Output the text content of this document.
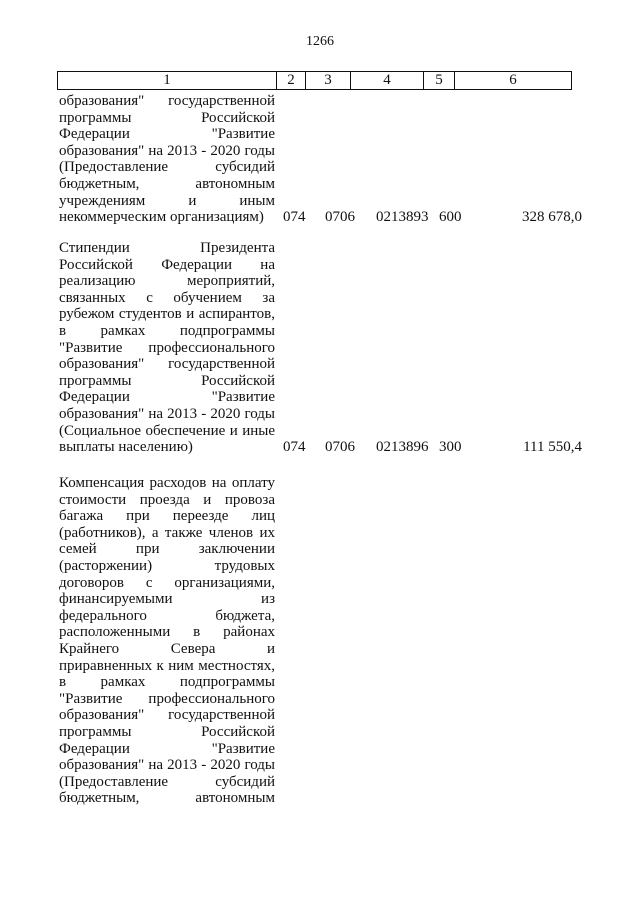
1266
1	2	3	4	5	6
образования" государственной
программы Российской
Федерации "Развитие
образования" на 2013 - 2020 годы
(Предоставление субсидий
бюджетным, автономным
учреждениям и иным
некоммерческим организациям)	074 0706 0213893 600	328 678,0
Стипендии Президента
Российской Федерации на
реализацию мероприятий,
связанных с обучением за
рубежом студентов и аспирантов,
в рамках подпрограммы
"Развитие профессионального
образования" государственной
программы Российской
Федерации "Развитие
образования" на 2013 - 2020 годы
(Социальное обеспечение и иные
выплаты населению)	074 0706 0213896 300	111 550,4
Компенсация расходов на оплату
стоимости проезда и провоза
багажа при переезде лиц
(работников), а также членов их
семей при заключении
(расторжении) трудовых
договоров с организациями,
финансируемыми из
федерального бюджета,
расположенными в районах
Крайнего Севера и
приравненных к ним местностях,
в рамках подпрограммы
"Развитие профессионального
образования" государственной
программы Российской
Федерации "Развитие
образования" на 2013 - 2020 годы
(Предоставление субсидий
бюджетным, автономным
